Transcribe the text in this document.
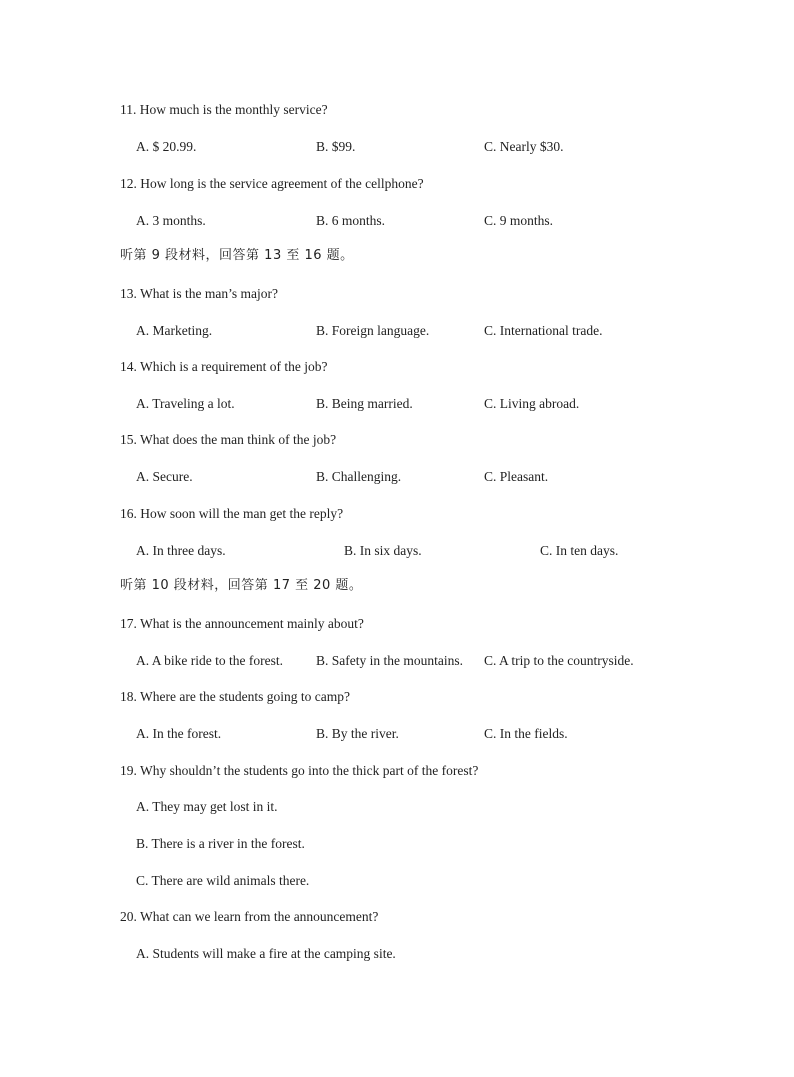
11. How much is the monthly service?
A. $ 20.99.	B. $99.	C. Nearly $30.
12. How long is the service agreement of the cellphone?
A. 3 months.	B. 6 months.	C. 9 months.
听第 9 段材料，回答第 13 至 16 题。
13. What is the man’s major?
A. Marketing.	B. Foreign language.	C. International trade.
14. Which is a requirement of the job?
A. Traveling a lot.	B. Being married.	C. Living abroad.
15. What does the man think of the job?
A. Secure.	B. Challenging.	C. Pleasant.
16. How soon will the man get the reply?
A. In three days.	B. In six days.	C. In ten days.
听第 10 段材料，回答第 17 至 20 题。
17. What is the announcement mainly about?
A. A bike ride to the forest. B. Safety in the mountains. C. A trip to the countryside.
18. Where are the students going to camp?
A. In the forest.	B. By the river.	C. In the fields.
19. Why shouldn’t the students go into the thick part of the forest?
A. They may get lost in it.
B. There is a river in the forest.
C. There are wild animals there.
20. What can we learn from the announcement?
A. Students will make a fire at the camping site.
